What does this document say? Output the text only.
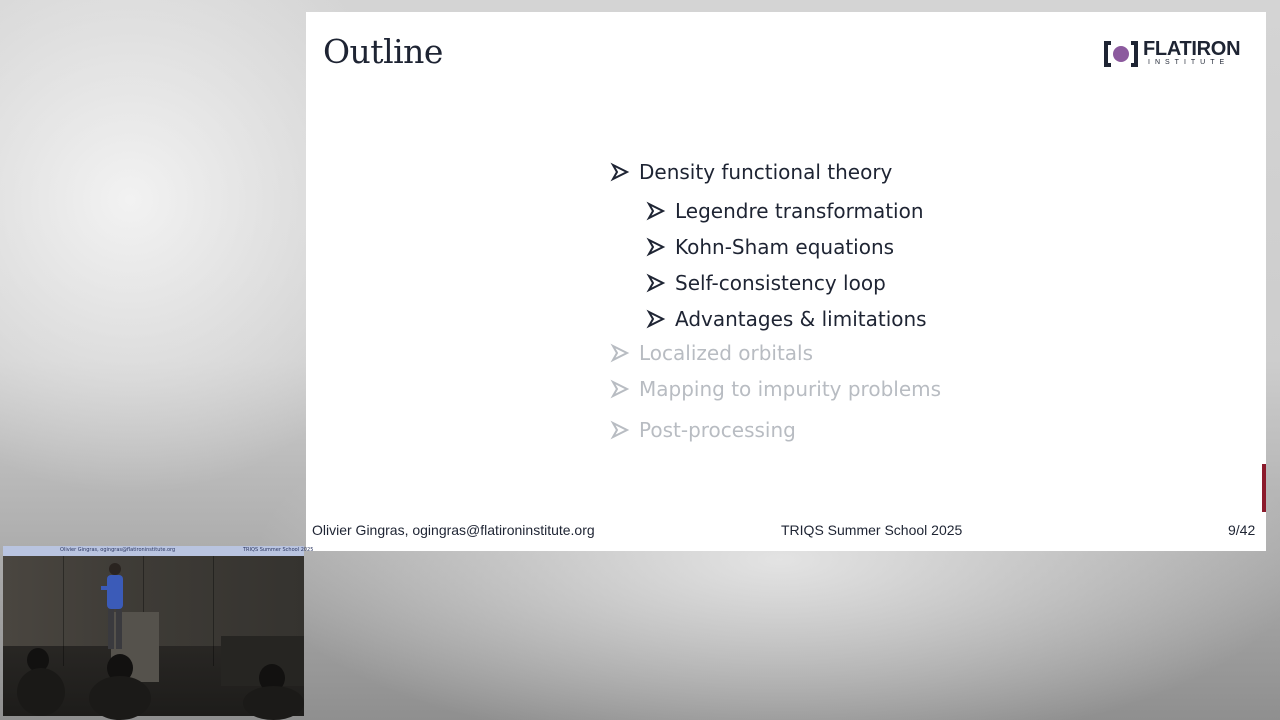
Outline	FLATIRON
INSTITUTE
Density functional theory
Legendre transformation
Kohn-Sham equations
Self-consistency loop
Advantages & limitations
Localized orbitals
Mapping to impurity problems
Post-processing
Olivier Gingras, ogingras@flatironinstitute.org	TRIQS Summer School 2025	9/42
Olivier Gingras, ogingras@flatironinstitute.org	TRIQS Summer School 2025
